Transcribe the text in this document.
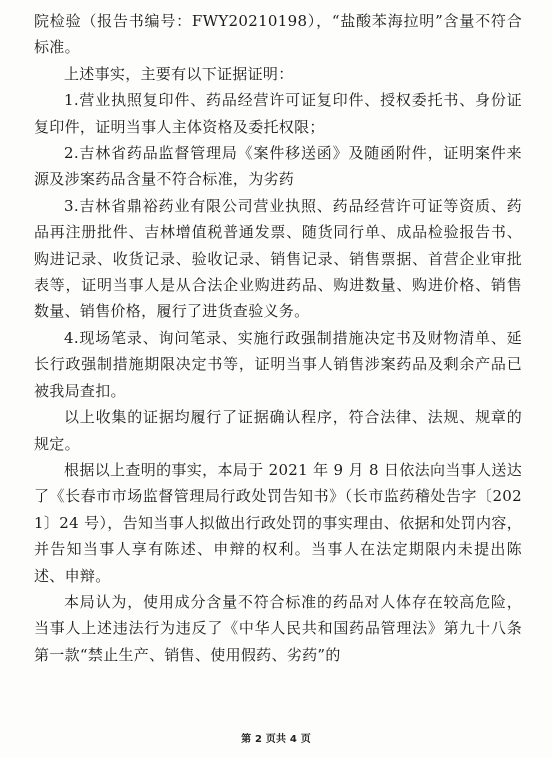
院检验（报告书编号：FWY20210198），“盐酸苯海拉明”含量不符合标准。

上述事实，主要有以下证据证明：

1.营业执照复印件、药品经营许可证复印件、授权委托书、身份证复印件，证明当事人主体资格及委托权限；

2.吉林省药品监督管理局《案件移送函》及随函附件，证明案件来源及涉案药品含量不符合标准，为劣药

3.吉林省鼎裕药业有限公司营业执照、药品经营许可证等资质、药品再注册批件、吉林增值税普通发票、随货同行单、成品检验报告书、购进记录、收货记录、验收记录、销售记录、销售票据、首营企业审批表等，证明当事人是从合法企业购进药品、购进数量、购进价格、销售数量、销售价格，履行了进货查验义务。

4.现场笔录、询问笔录、实施行政强制措施决定书及财物清单、延长行政强制措施期限决定书等，证明当事人销售涉案药品及剩余产品已被我局查扣。

以上收集的证据均履行了证据确认程序，符合法律、法规、规章的规定。

根据以上查明的事实，本局于 2021 年 9 月 8 日依法向当事人送达了《长春市市场监督管理局行政处罚告知书》（长市监药稽处告字〔2021〕24 号），告知当事人拟做出行政处罚的事实理由、依据和处罚内容，并告知当事人享有陈述、申辩的权利。当事人在法定期限内未提出陈述、申辩。

本局认为，使用成分含量不符合标准的药品对人体存在较高危险，当事人上述违法行为违反了《中华人民共和国药品管理法》第九十八条第一款“禁止生产、销售、使用假药、劣药”的

第 2 页共 4 页
